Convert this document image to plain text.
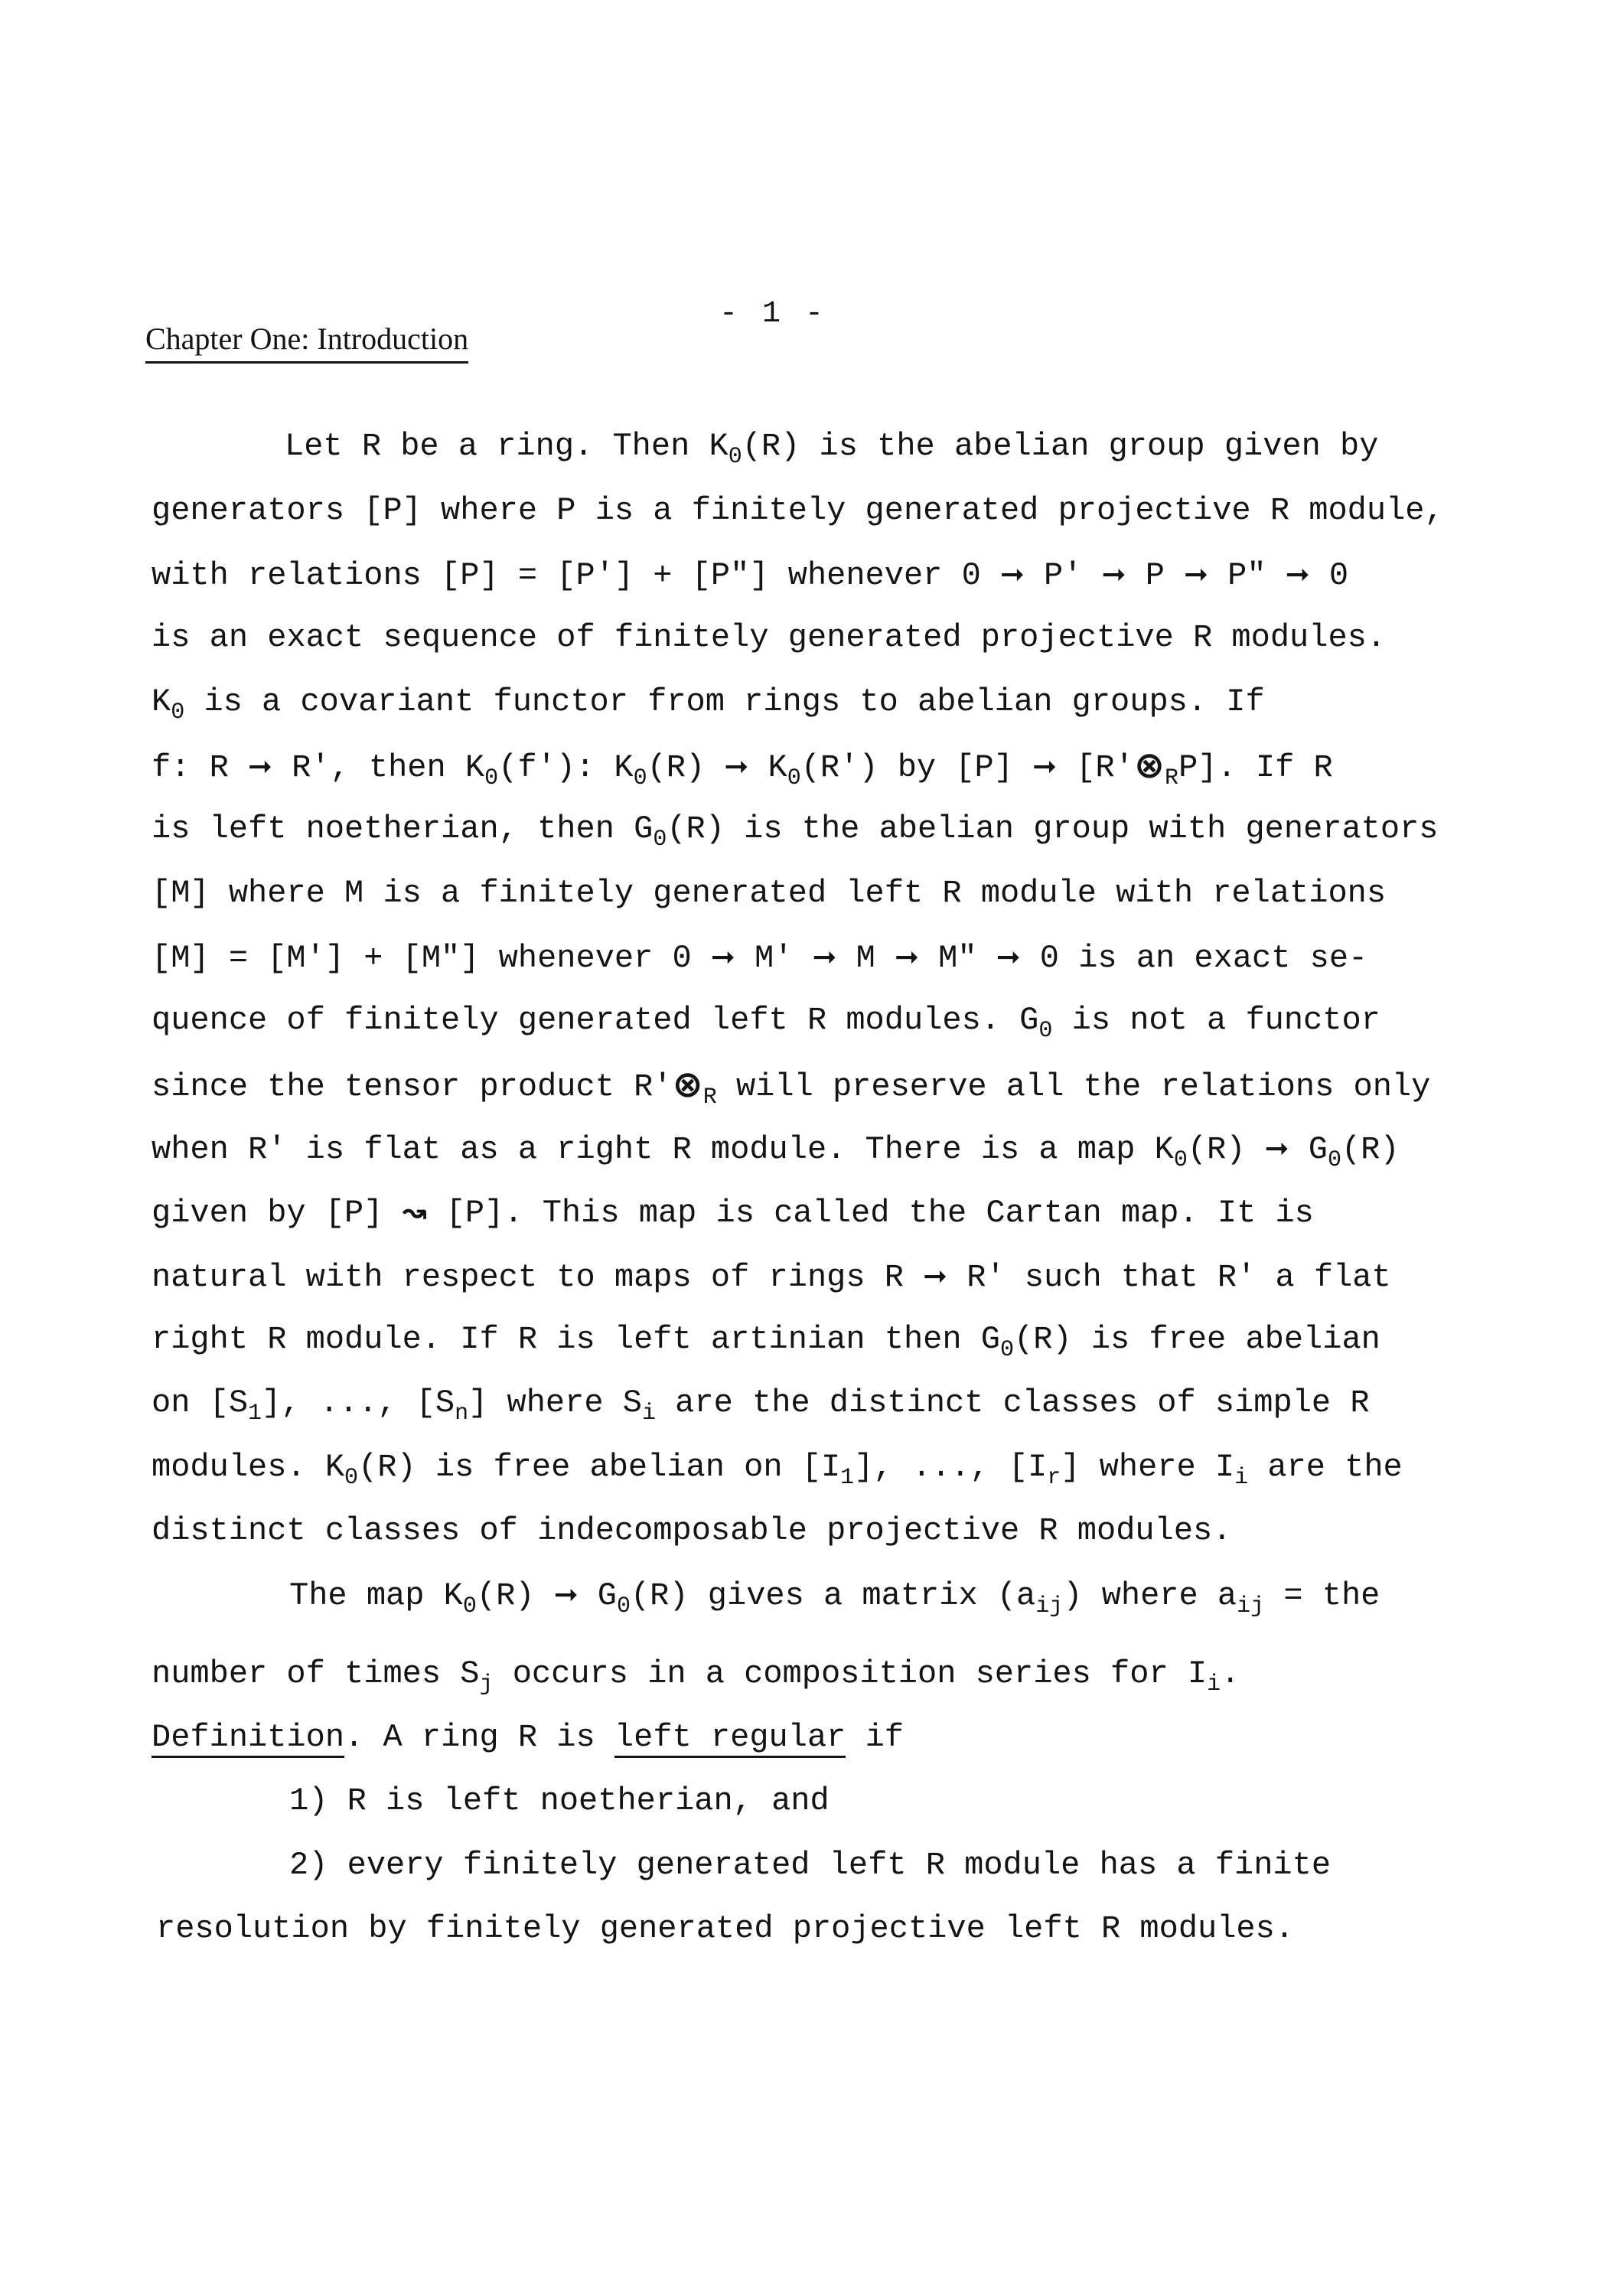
- 1 -
Chapter One: Introduction
Let R be a ring. Then $K_0(R)$ is the abelian group given by
generators [P] where P is a finitely generated projective R module,
with relations [P] = [P'] + [P"] whenever 0 ➞ P' ➞ P ➞ P" ➞ 0
is an exact sequence of finitely generated projective R modules.
$K_0$ is a covariant functor from rings to abelian groups. If
f: R ➞ R', then $K_0(f')$: $K_0(R)$ ➞ $K_0(R')$ by [P] ➞ $[R'\otimes_RP]$. If R
is left noetherian, then $G_0(R)$ is the abelian group with generators
[M] where M is a finitely generated left R module with relations
[M] = [M'] + [M"] whenever 0 ➞ M' ➞ M ➞ M" ➞ 0 is an exact se-
quence of finitely generated left R modules. $G_0$ is not a functor
since the tensor product $R'\otimes_R$ will preserve all the relations only
when R' is flat as a right R module. There is a map $K_0(R)$ ➞ $G_0(R)$
given by [P] ↝ [P]. This map is called the Cartan map. It is
natural with respect to maps of rings R ➞ R' such that R' a flat
right R module. If R is left artinian then $G_0(R)$ is free abelian
on $[S_1]$, ..., $[S_n]$ where $S_i$ are the distinct classes of simple R
modules. $K_0(R)$ is free abelian on $[I_1]$, ..., $[I_r]$ where $I_i$ are the
distinct classes of indecomposable projective R modules.
The map $K_0(R)$ ➞ $G_0(R)$ gives a matrix $(a_{ij})$ where $a_{ij}$ = the
number of times $S_j$ occurs in a composition series for $I_i$.
Definition. A ring R is left regular if
1) R is left noetherian, and
2) every finitely generated left R module has a finite
resolution by finitely generated projective left R modules.
